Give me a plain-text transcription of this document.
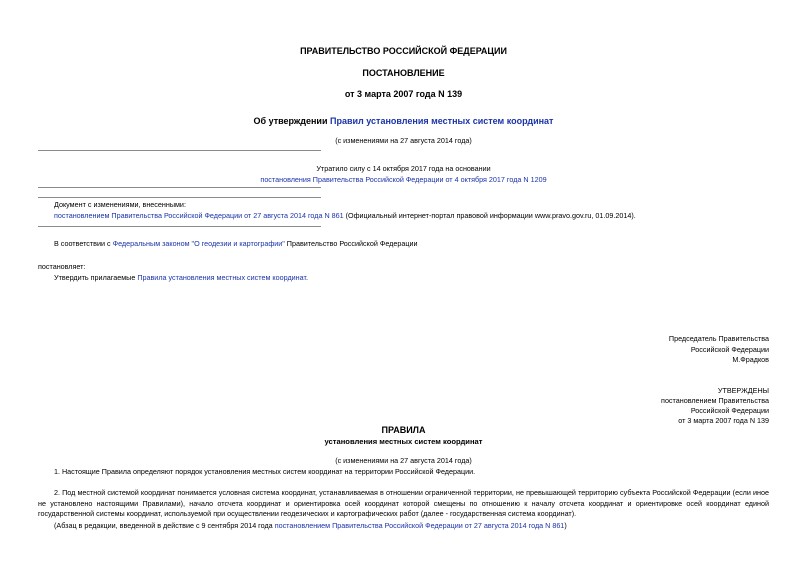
ПРАВИТЕЛЬСТВО РОССИЙСКОЙ ФЕДЕРАЦИИ
ПОСТАНОВЛЕНИЕ
от 3 марта 2007 года N 139
Об утверждении Правил установления местных систем координат
(с изменениями на 27 августа 2014 года)
Утратило силу с 14 октября 2017 года на основании
постановления Правительства Российской Федерации от 4 октября 2017 года N 1209
Документ с изменениями, внесенными:
постановлением Правительства Российской Федерации от 27 августа 2014 года N 861 (Официальный интернет-портал правовой информации www.pravo.gov.ru, 01.09.2014).
В соответствии с Федеральным законом "О геодезии и картографии" Правительство Российской Федерации
постановляет:
Утвердить прилагаемые Правила установления местных систем координат.
Председатель Правительства
Российской Федерации
М.Фрадков
УТВЕРЖДЕНЫ
постановлением Правительства
Российской Федерации
от 3 марта 2007 года N 139
ПРАВИЛА
установления местных систем координат
(с изменениями на 27 августа 2014 года)
1. Настоящие Правила определяют порядок установления местных систем координат на территории Российской Федерации.
2. Под местной системой координат понимается условная система координат, устанавливаемая в отношении ограниченной территории, не превышающей территорию субъекта Российской Федерации (если иное не установлено настоящими Правилами), начало отсчета координат и ориентировка осей координат которой смещены по отношению к началу отсчета координат и ориентировке осей координат единой государственной системы координат, используемой при осуществлении геодезических и картографических работ (далее - государственная система координат).
(Абзац в редакции, введенной в действие с 9 сентября 2014 года постановлением Правительства Российской Федерации от 27 августа 2014 года N 861)
